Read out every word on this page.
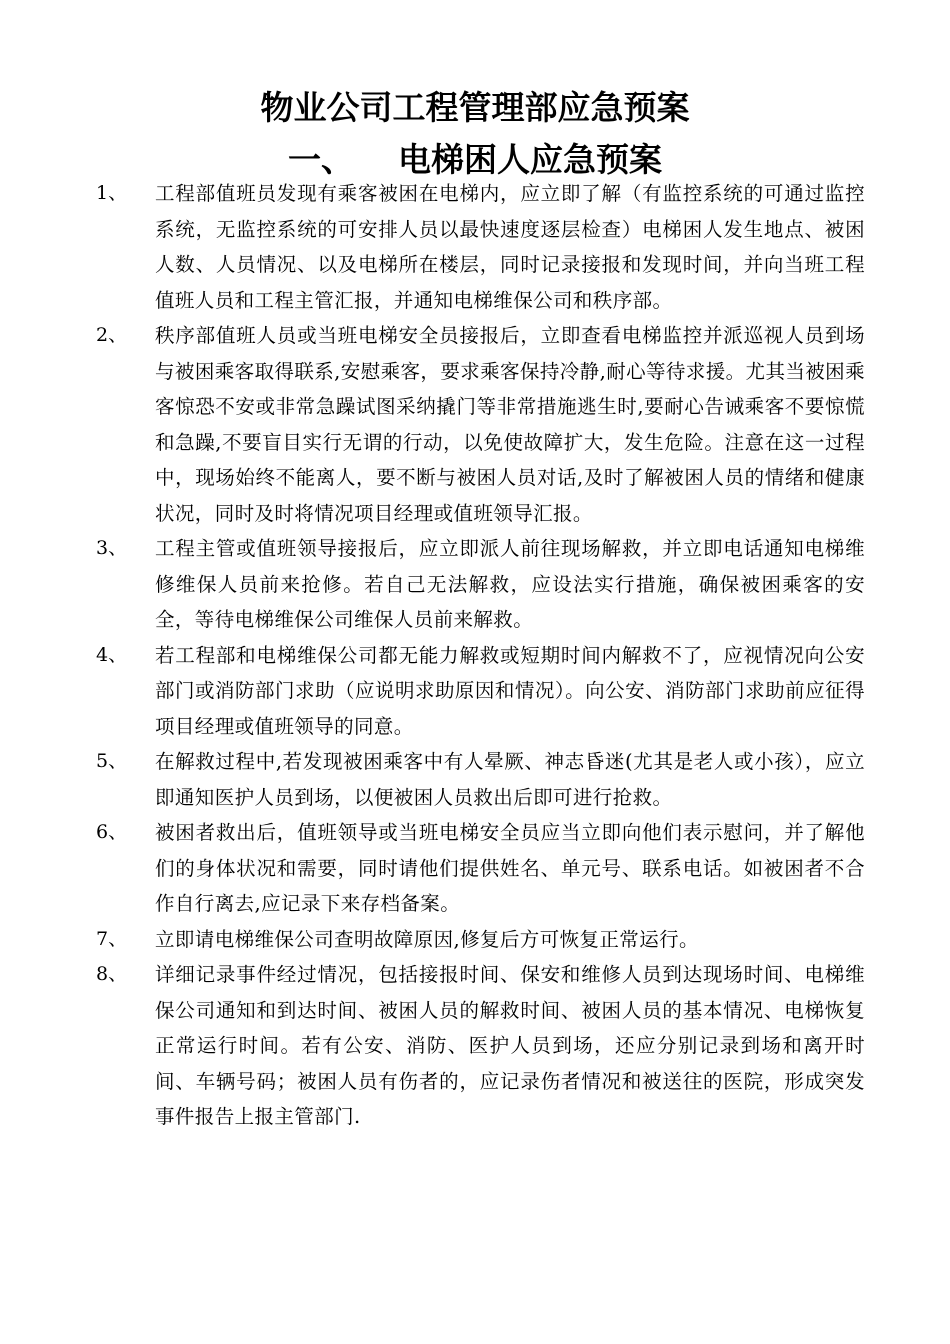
物业公司工程管理部应急预案
一、 电梯困人应急预案
1、 工程部值班员发现有乘客被困在电梯内，应立即了解（有监控系统的可通过监控系统，无监控系统的可安排人员以最快速度逐层检查）电梯困人发生地点、被困人数、人员情况、以及电梯所在楼层，同时记录接报和发现时间，并向当班工程值班人员和工程主管汇报，并通知电梯维保公司和秩序部。

2、 秩序部值班人员或当班电梯安全员接报后，立即查看电梯监控并派巡视人员到场与被困乘客取得联系,安慰乘客，要求乘客保持冷静,耐心等待求援。尤其当被困乘客惊恐不安或非常急躁试图采纳撬门等非常措施逃生时,要耐心告诫乘客不要惊慌和急躁,不要盲目实行无谓的行动，以免使故障扩大，发生危险。注意在这一过程中，现场始终不能离人，要不断与被困人员对话,及时了解被困人员的情绪和健康状况，同时及时将情况项目经理或值班领导汇报。

3、 工程主管或值班领导接报后，应立即派人前往现场解救，并立即电话通知电梯维修维保人员前来抢修。若自己无法解救，应设法实行措施，确保被困乘客的安全，等待电梯维保公司维保人员前来解救。

4、 若工程部和电梯维保公司都无能力解救或短期时间内解救不了，应视情况向公安部门或消防部门求助（应说明求助原因和情况）。向公安、消防部门求助前应征得项目经理或值班领导的同意。

5、 在解救过程中,若发现被困乘客中有人晕厥、神志昏迷(尤其是老人或小孩），应立即通知医护人员到场，以便被困人员救出后即可进行抢救。

6、 被困者救出后，值班领导或当班电梯安全员应当立即向他们表示慰问，并了解他们的身体状况和需要，同时请他们提供姓名、单元号、联系电话。如被困者不合作自行离去,应记录下来存档备案。

7、 立即请电梯维保公司查明故障原因,修复后方可恢复正常运行。

8、 详细记录事件经过情况，包括接报时间、保安和维修人员到达现场时间、电梯维保公司通知和到达时间、被困人员的解救时间、被困人员的基本情况、电梯恢复正常运行时间。若有公安、消防、医护人员到场，还应分别记录到场和离开时间、车辆号码；被困人员有伤者的，应记录伤者情况和被送往的医院，形成突发事件报告上报主管部门.
